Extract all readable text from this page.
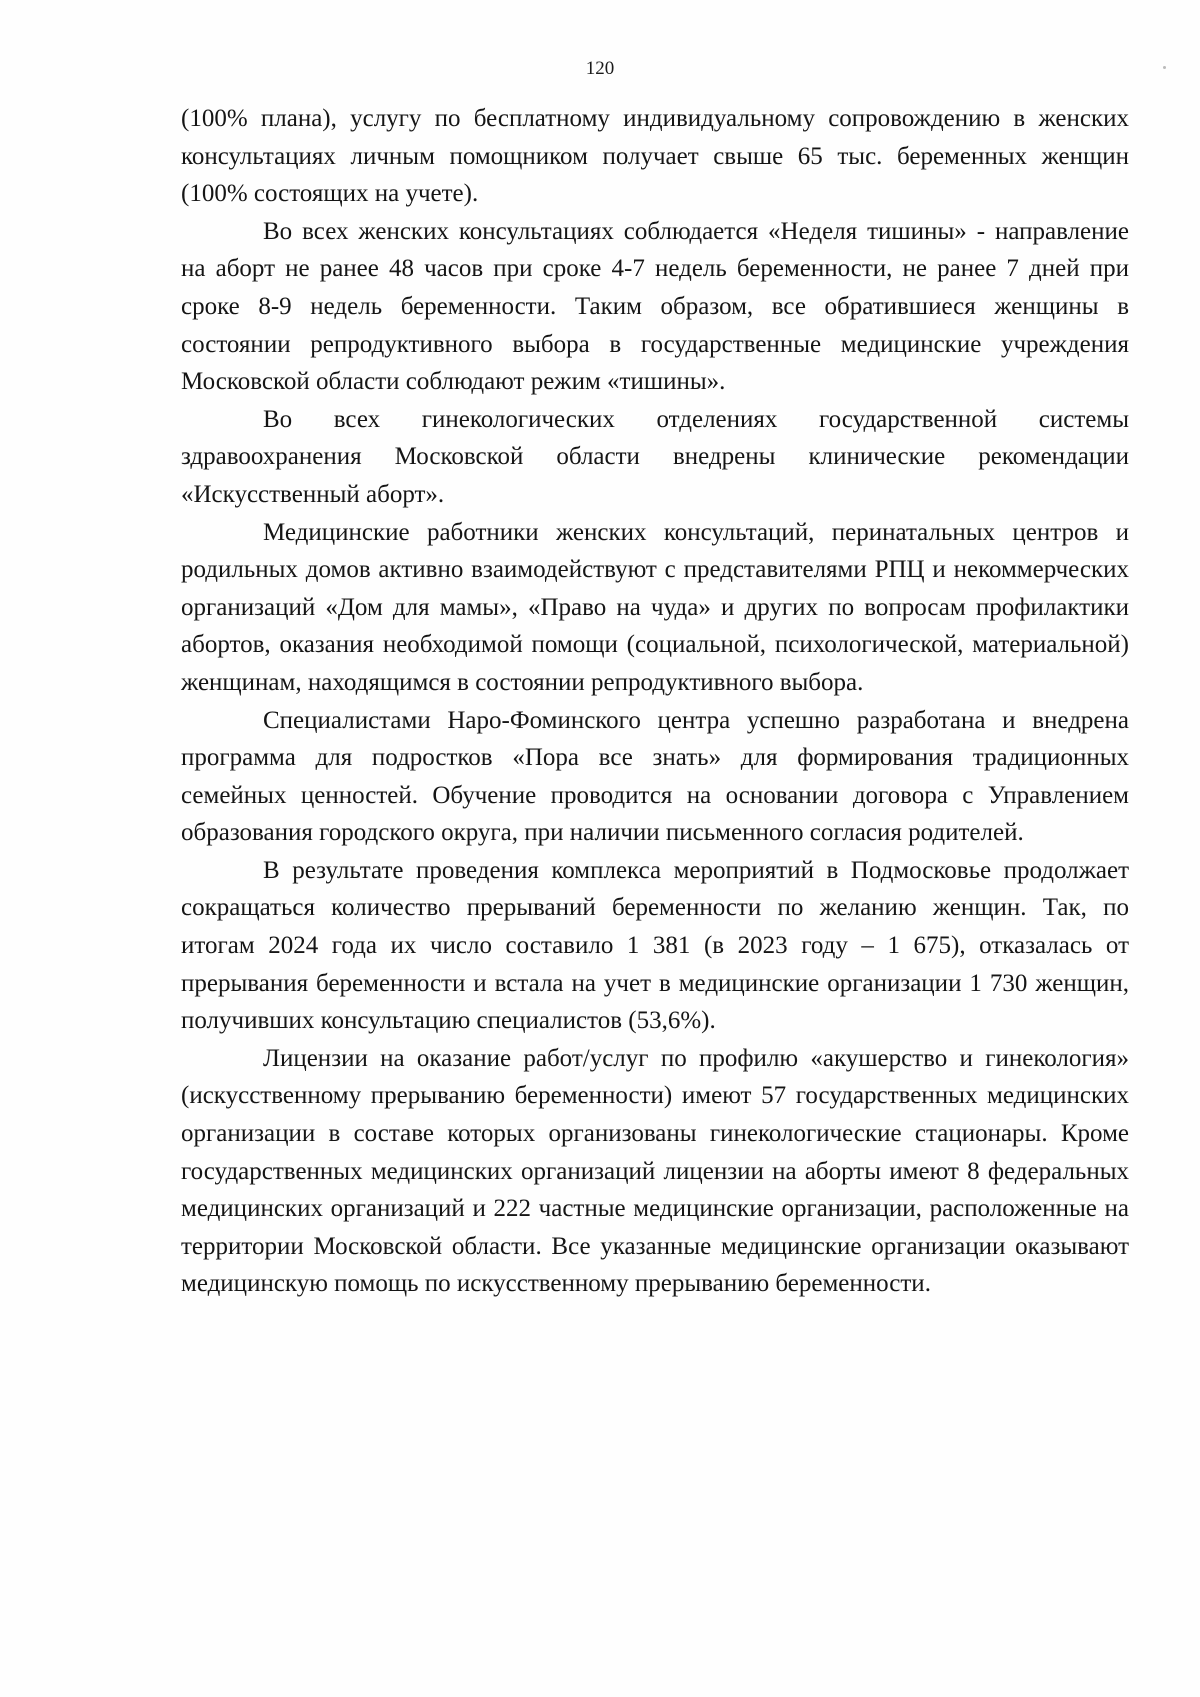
120

(100% плана), услугу по бесплатному индивидуальному сопровождению в женских консультациях личным помощником получает свыше 65 тыс. беременных женщин (100% состоящих на учете).

Во всех женских консультациях соблюдается «Неделя тишины» - направление на аборт не ранее 48 часов при сроке 4-7 недель беременности, не ранее 7 дней при сроке 8-9 недель беременности. Таким образом, все обратившиеся женщины в состоянии репродуктивного выбора в государственные медицинские учреждения Московской области соблюдают режим «тишины».

Во всех гинекологических отделениях государственной системы здравоохранения Московской области внедрены клинические рекомендации «Искусственный аборт».

Медицинские работники женских консультаций, перинатальных центров и родильных домов активно взаимодействуют с представителями РПЦ и некоммерческих организаций «Дом для мамы», «Право на чуда» и других по вопросам профилактики абортов, оказания необходимой помощи (социальной, психологической, материальной) женщинам, находящимся в состоянии репродуктивного выбора.

Специалистами Наро-Фоминского центра успешно разработана и внедрена программа для подростков «Пора все знать» для формирования традиционных семейных ценностей. Обучение проводится на основании договора с Управлением образования городского округа, при наличии письменного согласия родителей.

В результате проведения комплекса мероприятий в Подмосковье продолжает сокращаться количество прерываний беременности по желанию женщин. Так, по итогам 2024 года их число составило 1 381 (в 2023 году – 1 675), отказалась от прерывания беременности и встала на учет в медицинские организации 1 730 женщин, получивших консультацию специалистов (53,6%).

Лицензии на оказание работ/услуг по профилю «акушерство и гинекология» (искусственному прерыванию беременности) имеют 57 государственных медицинских организации в составе которых организованы гинекологические стационары. Кроме государственных медицинских организаций лицензии на аборты имеют 8 федеральных медицинских организаций и 222 частные медицинские организации, расположенные на территории Московской области. Все указанные медицинские организации оказывают медицинскую помощь по искусственному прерыванию беременности.
